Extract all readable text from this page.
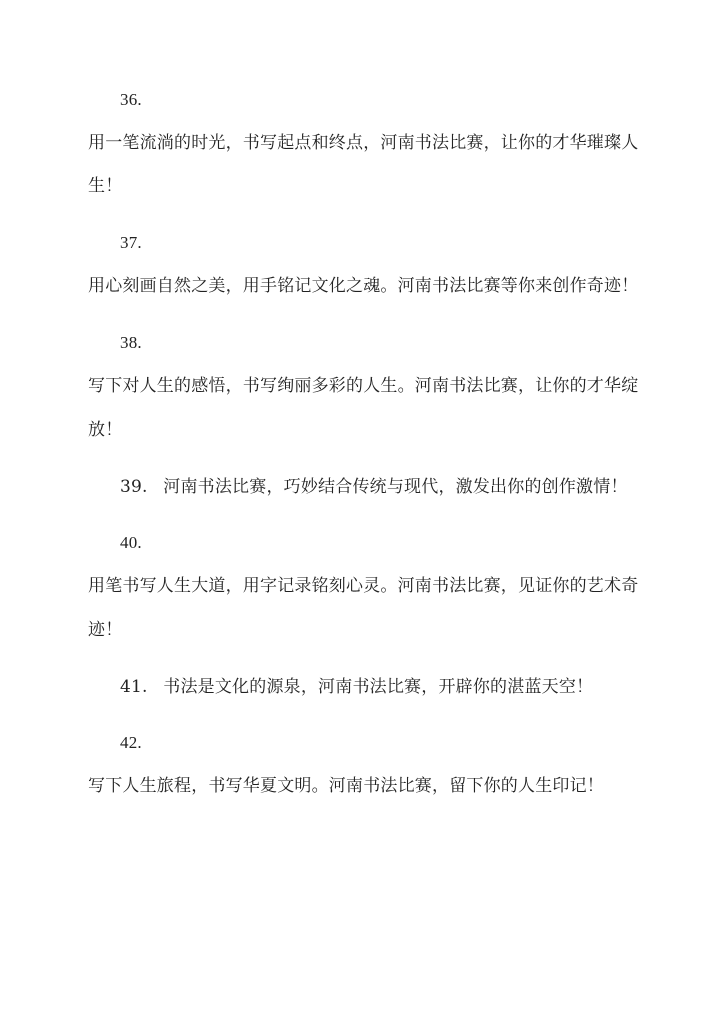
36.
用一笔流淌的时光，书写起点和终点，河南书法比赛，让你的才华璀璨人
生！
37.
用心刻画自然之美，用手铭记文化之魂。河南书法比赛等你来创作奇迹！
38.
写下对人生的感悟，书写绚丽多彩的人生。河南书法比赛，让你的才华绽
放！
39. 河南书法比赛，巧妙结合传统与现代，激发出你的创作激情！
40.
用笔书写人生大道，用字记录铭刻心灵。河南书法比赛，见证你的艺术奇
迹！
41. 书法是文化的源泉，河南书法比赛，开辟你的湛蓝天空！
42.
写下人生旅程，书写华夏文明。河南书法比赛，留下你的人生印记！
